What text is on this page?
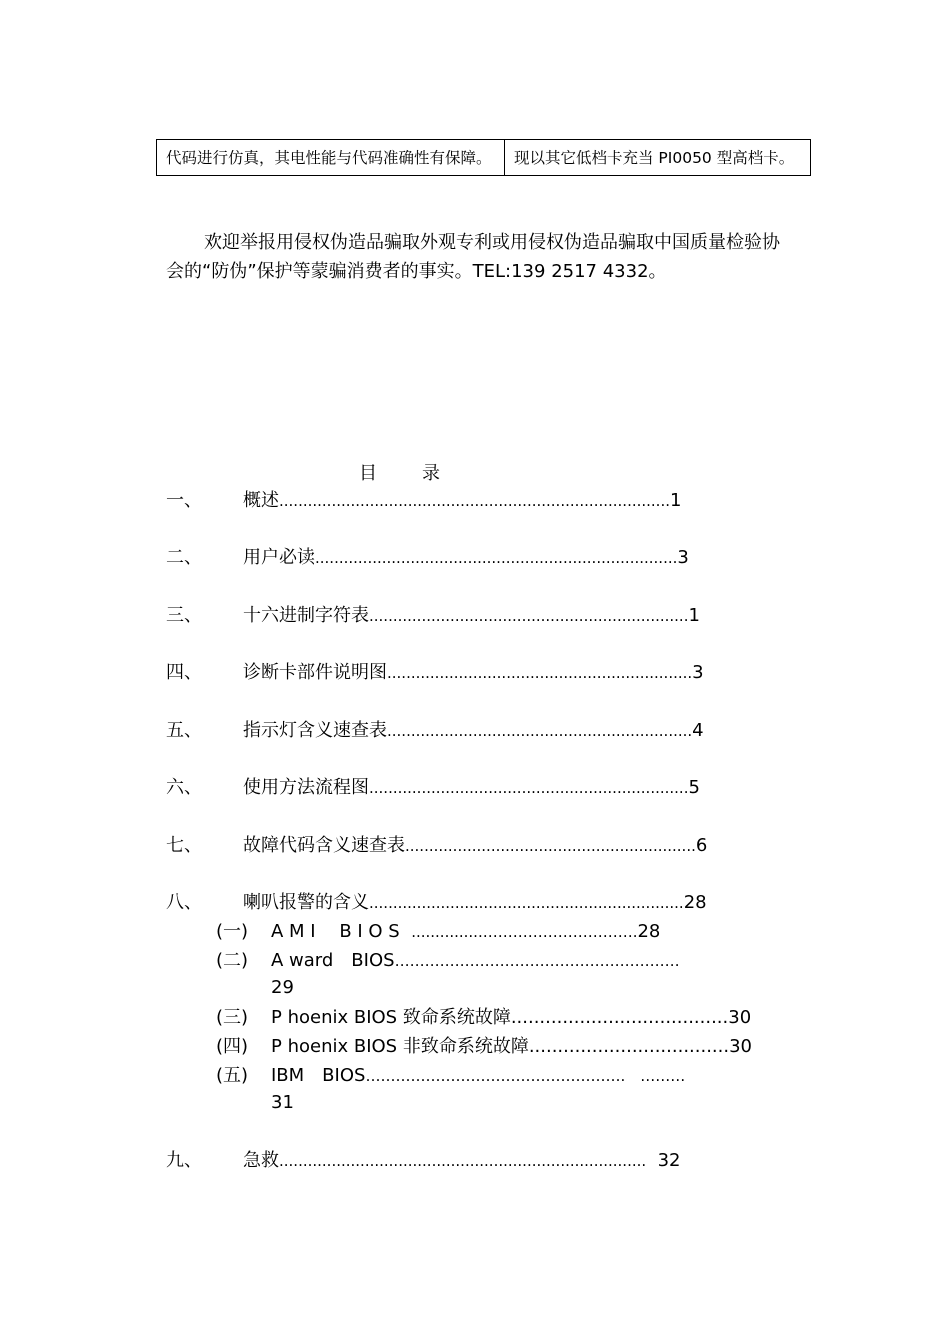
代码进行仿真，其电性能与代码准确性有保障。	现以其它低档卡充当 PI0050 型高档卡。

欢迎举报用侵权伪造品骗取外观专利或用侵权伪造品骗取中国质量检验协会的“防伪”保护等蒙骗消费者的事实。TEL:139 2517 4332。

目	录
一、 概述..................................................................................1
二、 用户必读............................................................................3
三、 十六进制字符表...................................................................1
四、 诊断卡部件说明图................................................................3
五、 指示灯含义速查表................................................................4
六、 使用方法流程图...................................................................5
七、 故障代码含义速查表.............................................................6
八、 喇叭报警的含义..................................................................28
(一) A M I　 B I O S ...............………………………….28
(二) A ward　BIOS…………………………………………………
29
(三) P hoenix BIOS 致命系统故障......................................30
(四) P hoenix BIOS 非致命系统故障...................................30
(五) IBM　BIOS…………………………………………….　………
31
九、 急救............................................................................. 32
